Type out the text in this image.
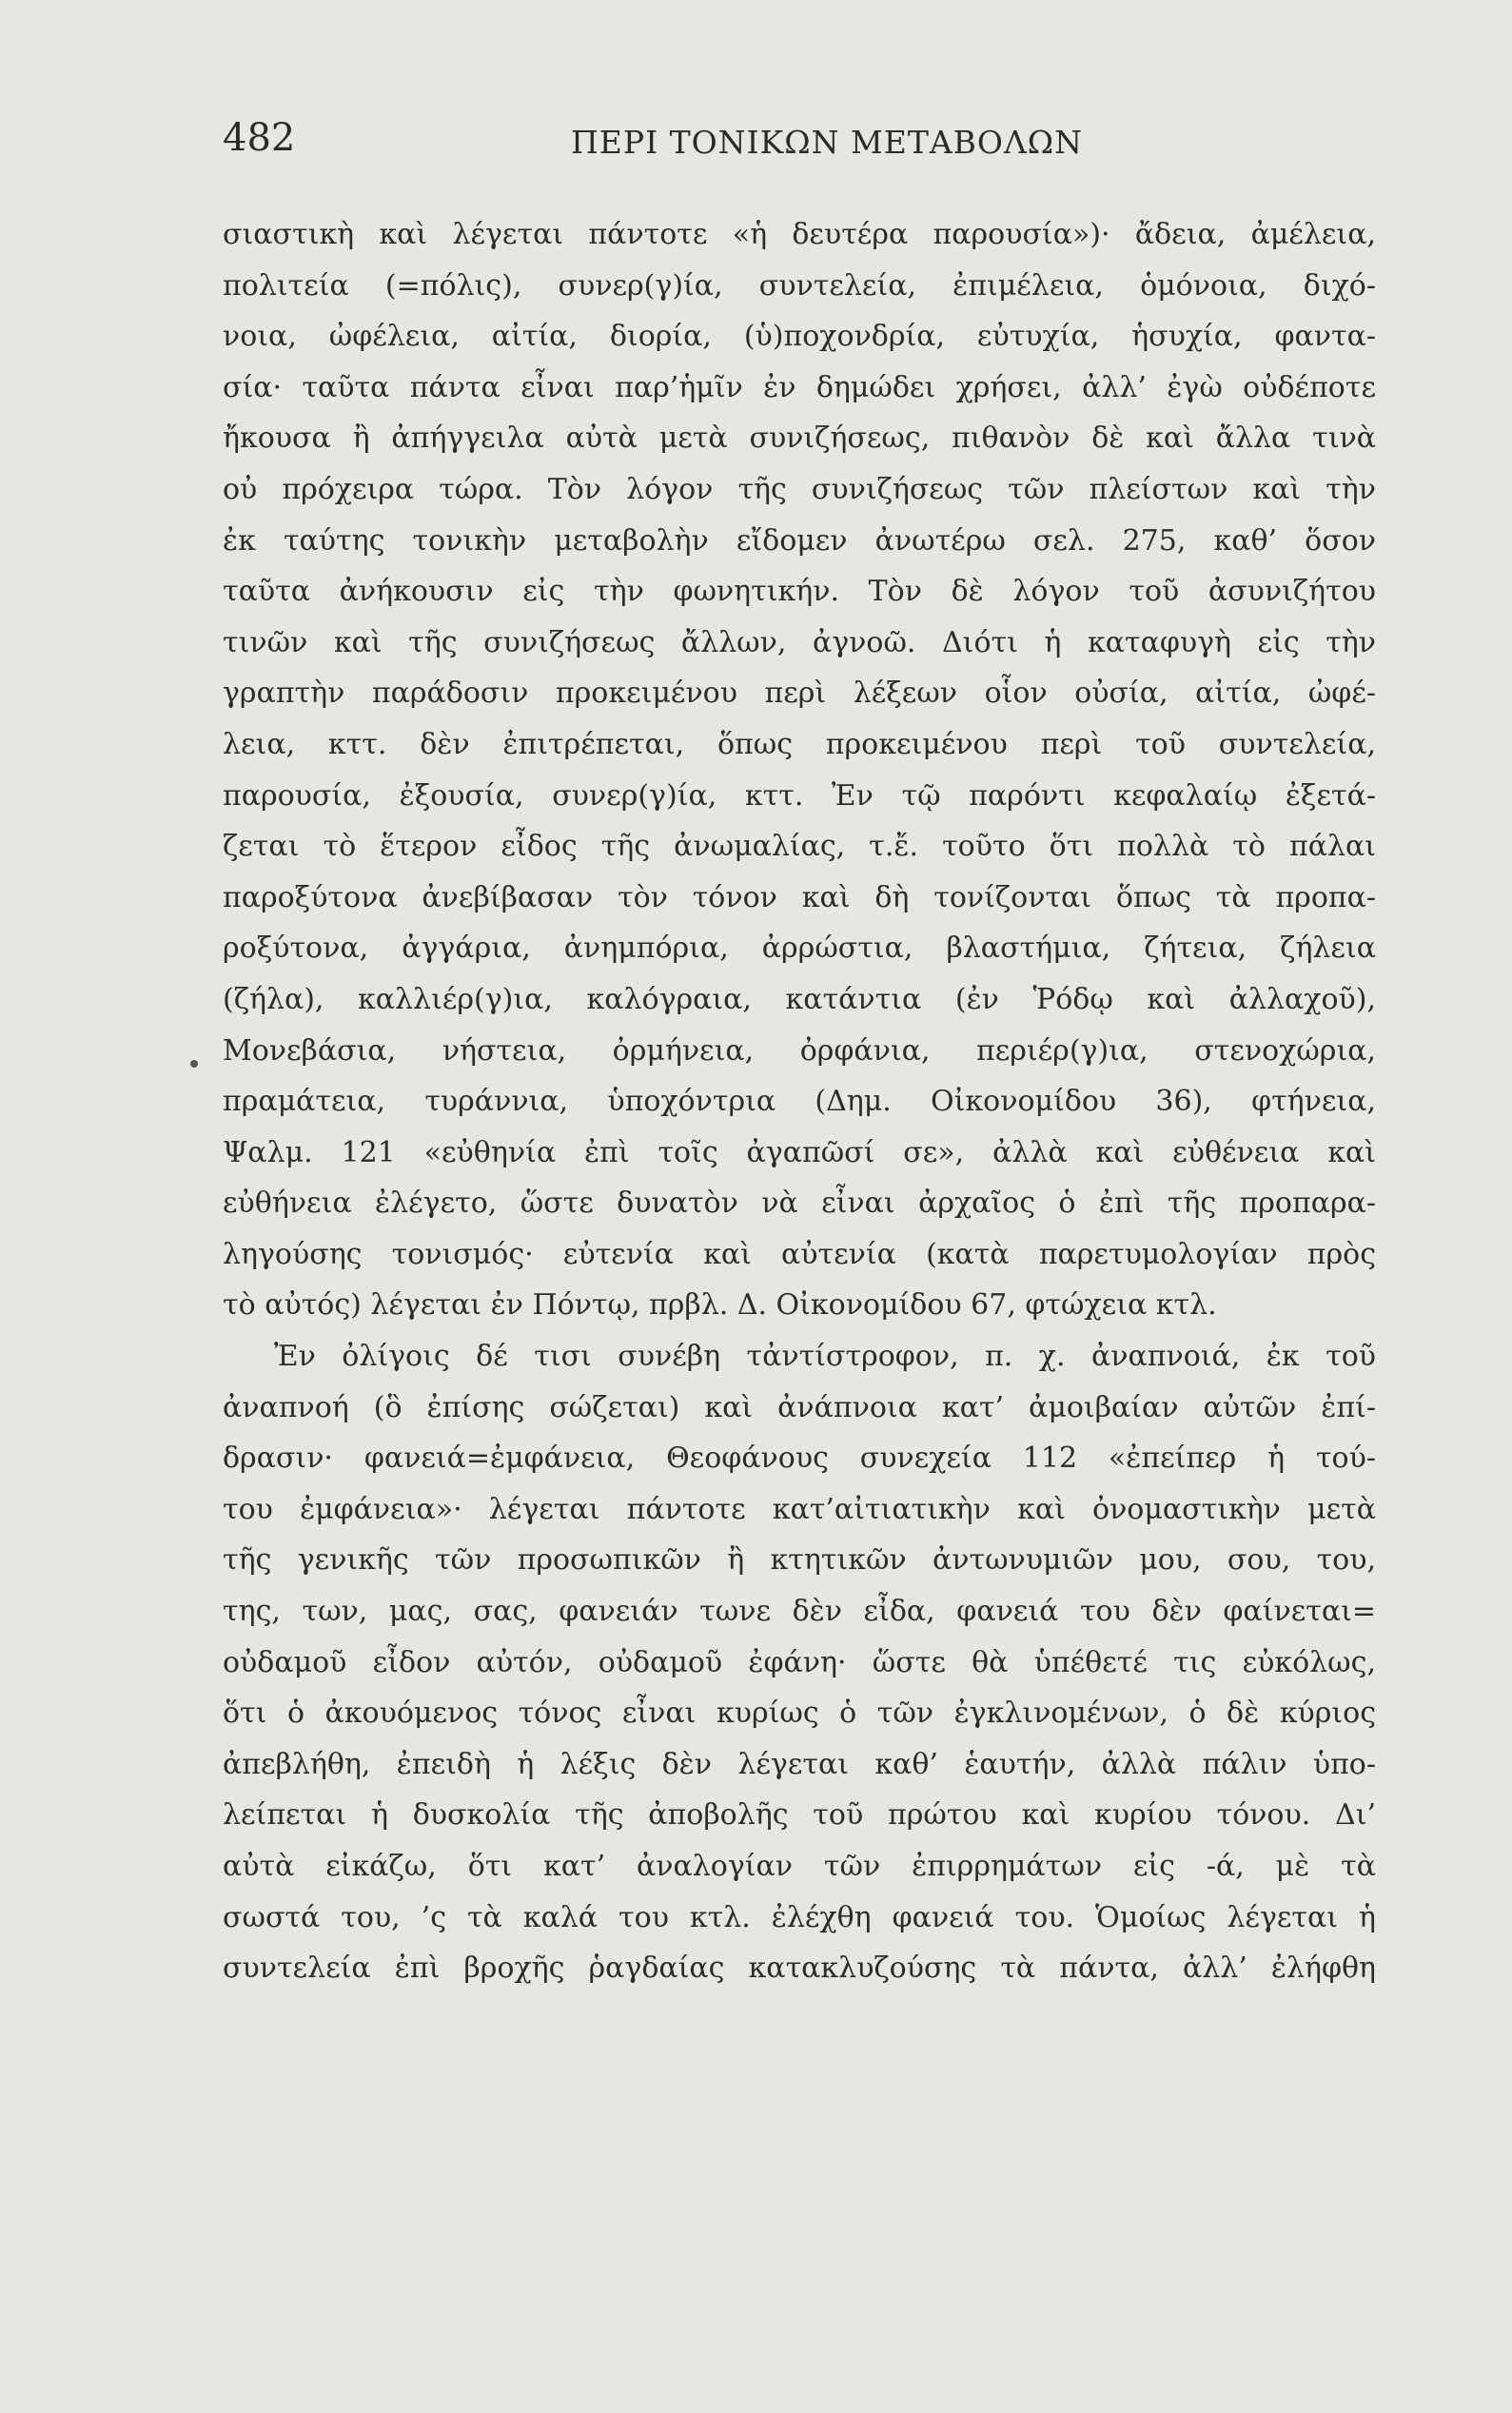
482	ΠΕΡΙ ΤΟΝΙΚΩΝ ΜΕΤΑΒΟΛΩΝ
σιαστικὴ καὶ λέγεται πάντοτε «ἡ δευτέρα παρουσία»)· ἄδεια, ἀμέλεια,
πολιτεία (=πόλις), συνερ(γ)ία, συντελεία, ἐπιμέλεια, ὁμόνοια, διχό-
νοια, ὠφέλεια, αἰτία, διορία, (ὑ)ποχονδρία, εὐτυχία, ἡσυχία, φαντα-
σία· ταῦτα πάντα εἶναι παρ’ἡμῖν ἐν δημώδει χρήσει, ἀλλ’ ἐγὼ οὐδέποτε
ἤκουσα ἢ ἀπήγγειλα αὐτὰ μετὰ συνιζήσεως, πιθανὸν δὲ καὶ ἄλλα τινὰ
οὐ πρόχειρα τώρα. Τὸν λόγον τῆς συνιζήσεως τῶν πλείστων καὶ τὴν
ἐκ ταύτης τονικὴν μεταβολὴν εἴδομεν ἀνωτέρω σελ. 275, καθ’ ὅσον
ταῦτα ἀνήκουσιν εἰς τὴν φωνητικήν. Τὸν δὲ λόγον τοῦ ἀσυνιζήτου
τινῶν καὶ τῆς συνιζήσεως ἄλλων, ἀγνοῶ. Διότι ἡ καταφυγὴ εἰς τὴν
γραπτὴν παράδοσιν προκειμένου περὶ λέξεων οἷον οὐσία, αἰτία, ὠφέ-
λεια, κττ. δὲν ἐπιτρέπεται, ὅπως προκειμένου περὶ τοῦ συντελεία,
παρουσία, ἐξουσία, συνερ(γ)ία, κττ. Ἐν τῷ παρόντι κεφαλαίῳ ἐξετά-
ζεται τὸ ἕτερον εἶδος τῆς ἀνωμαλίας, τ.ἔ. τοῦτο ὅτι πολλὰ τὸ πάλαι
παροξύτονα ἀνεβίβασαν τὸν τόνον καὶ δὴ τονίζονται ὅπως τὰ προπα-
ροξύτονα, ἀγγάρια, ἀνημπόρια, ἀρρώστια, βλαστήμια, ζήτεια, ζήλεια
(ζήλα), καλλιέρ(γ)ια, καλόγραια, κατάντια (ἐν Ῥόδῳ καὶ ἀλλαχοῦ),
Μονεβάσια, νήστεια, ὀρμήνεια, ὀρφάνια, περιέρ(γ)ια, στενοχώρια,
πραμάτεια, τυράννια, ὑποχόντρια (Δημ. Οἰκονομίδου 36), φτήνεια,
Ψαλμ. 121 «εὐθηνία ἐπὶ τοῖς ἀγαπῶσί σε», ἀλλὰ καὶ εὐθένεια καὶ
εὐθήνεια ἐλέγετο, ὥστε δυνατὸν νὰ εἶναι ἀρχαῖος ὁ ἐπὶ τῆς προπαρα-
ληγούσης τονισμός· εὐτενία καὶ αὐτενία (κατὰ παρετυμολογίαν πρὸς
τὸ αὐτός) λέγεται ἐν Πόντῳ, πρβλ. Δ. Οἰκονομίδου 67, φτώχεια κτλ.
Ἐν ὀλίγοις δέ τισι συνέβη τἀντίστροφον, π. χ. ἀναπνοιά, ἐκ τοῦ
ἀναπνοή (ὃ ἐπίσης σώζεται) καὶ ἀνάπνοια κατ’ ἀμοιβαίαν αὐτῶν ἐπί-
δρασιν· φανειά=ἐμφάνεια, Θεοφάνους συνεχεία 112 «ἐπείπερ ἡ τού-
του ἐμφάνεια»· λέγεται πάντοτε κατ’αἰτιατικὴν καὶ ὀνομαστικὴν μετὰ
τῆς γενικῆς τῶν προσωπικῶν ἢ κτητικῶν ἀντωνυμιῶν μου, σου, του,
της, των, μας, σας, φανειάν τωνε δὲν εἶδα, φανειά του δὲν φαίνεται=
οὐδαμοῦ εἶδον αὐτόν, οὐδαμοῦ ἐφάνη· ὥστε θὰ ὑπέθετέ τις εὐκόλως,
ὅτι ὁ ἀκουόμενος τόνος εἶναι κυρίως ὁ τῶν ἐγκλινομένων, ὁ δὲ κύριος
ἀπεβλήθη, ἐπειδὴ ἡ λέξις δὲν λέγεται καθ’ ἑαυτήν, ἀλλὰ πάλιν ὑπο-
λείπεται ἡ δυσκολία τῆς ἀποβολῆς τοῦ πρώτου καὶ κυρίου τόνου. Δι’
αὐτὰ εἰκάζω, ὅτι κατ’ ἀναλογίαν τῶν ἐπιρρημάτων εἰς -ά, μὲ τὰ
σωστά του, ’ς τὰ καλά του κτλ. ἐλέχθη φανειά του. Ὁμοίως λέγεται ἡ
συντελεία ἐπὶ βροχῆς ῥαγδαίας κατακλυζούσης τὰ πάντα, ἀλλ’ ἐλήφθη
